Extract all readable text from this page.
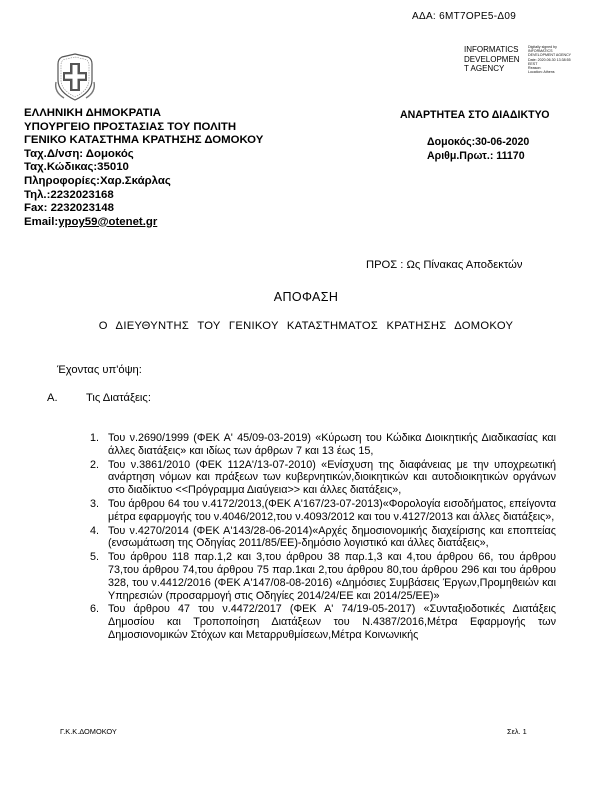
ΑΔΑ: 6ΜΤ7ΟΡΕ5-Δ09
INFORMATICS
DEVELOPMEN
T AGENCY
Digitally signed by
INFORMATICS
DEVELOPMENT AGENCY
Date: 2020.06.30 13:38:55
EEST
Reason:
Location: Athens
ΕΛΛΗΝΙΚΗ ΔΗΜΟΚΡΑΤΙΑ
ΥΠΟΥΡΓΕΙΟ ΠΡΟΣΤΑΣΙΑΣ ΤΟΥ ΠΟΛΙΤΗ
ΓΕΝΙΚΟ ΚΑΤΑΣΤΗΜΑ ΚΡΑΤΗΣΗΣ ΔΟΜΟΚΟΥ
Ταχ.Δ/νση: Δομοκός
Ταχ.Κώδικας:35010
Πληροφορίες:Χαρ.Σκάρλας
Τηλ.:2232023168
Fax: 2232023148
Email:ypoy59@otenet.gr
ΑΝΑΡΤΗΤΕΑ ΣΤΟ ΔΙΑΔΙΚΤΥΟ
Δομοκός:30-06-2020
Αριθμ.Πρωτ.: 11170
ΠΡΟΣ : Ως Πίνακας Αποδεκτών
ΑΠΟΦΑΣΗ
Ο ΔΙΕΥΘΥΝΤΗΣ ΤΟΥ ΓΕΝΙΚΟΥ ΚΑΤΑΣΤΗΜΑΤΟΣ ΚΡΑΤΗΣΗΣ ΔΟΜΟΚΟΥ
Έχοντας υπ'όψη:
Α.	Τις Διατάξεις:
1. Του ν.2690/1999 (ΦΕΚ Α' 45/09-03-2019) «Κύρωση του Κώδικα Διοικητικής Διαδικασίας και άλλες διατάξεις» και ιδίως των άρθρων 7 και 13 έως 15,
2. Του ν.3861/2010 (ΦΕΚ 112Α'/13-07-2010) «Ενίσχυση της διαφάνειας με την υποχρεωτική ανάρτηση νόμων και πράξεων των κυβερνητικών,διοικητικών και αυτοδιοικητικών οργάνων στο διαδίκτυο <<Πρόγραμμα Διαύγεια>> και άλλες διατάξεις»,
3. Του άρθρου 64 του ν.4172/2013,(ΦΕΚ Α'167/23-07-2013)«Φορολογία εισοδήματος, επείγοντα μέτρα εφαρμογής του ν.4046/2012,του ν.4093/2012 και του ν.4127/2013 και άλλες διατάξεις»,
4. Του ν.4270/2014 (ΦΕΚ Α'143/28-06-2014)«Αρχές δημοσιονομικής διαχείρισης και εποπτείας (ενσωμάτωση της Οδηγίας 2011/85/ΕΕ)-δημόσιο λογιστικό και άλλες διατάξεις»,
5. Του άρθρου 118 παρ.1,2 και 3,του άρθρου 38 παρ.1,3 και 4,του άρθρου 66, του άρθρου 73,του άρθρου 74,του άρθρου 75 παρ.1και 2,του άρθρου 80,του άρθρου 296 και του άρθρου 328, του ν.4412/2016 (ΦΕΚ Α'147/08-08-2016) «Δημόσιες Συμβάσεις Έργων,Προμηθειών και Υπηρεσιών (προσαρμογή στις Οδηγίες 2014/24/ΕΕ και 2014/25/ΕΕ)»
6. Του άρθρου 47 του ν.4472/2017 (ΦΕΚ Α' 74/19-05-2017) «Συνταξιοδοτικές Διατάξεις Δημοσίου και Τροποποίηση Διατάξεων του Ν.4387/2016,Μέτρα Εφαρμογής των Δημοσιονομικών Στόχων και Μεταρρυθμίσεων,Μέτρα Κοινωνικής
Γ.Κ.Κ.ΔΟΜΟΚΟΥ	Σελ. 1
